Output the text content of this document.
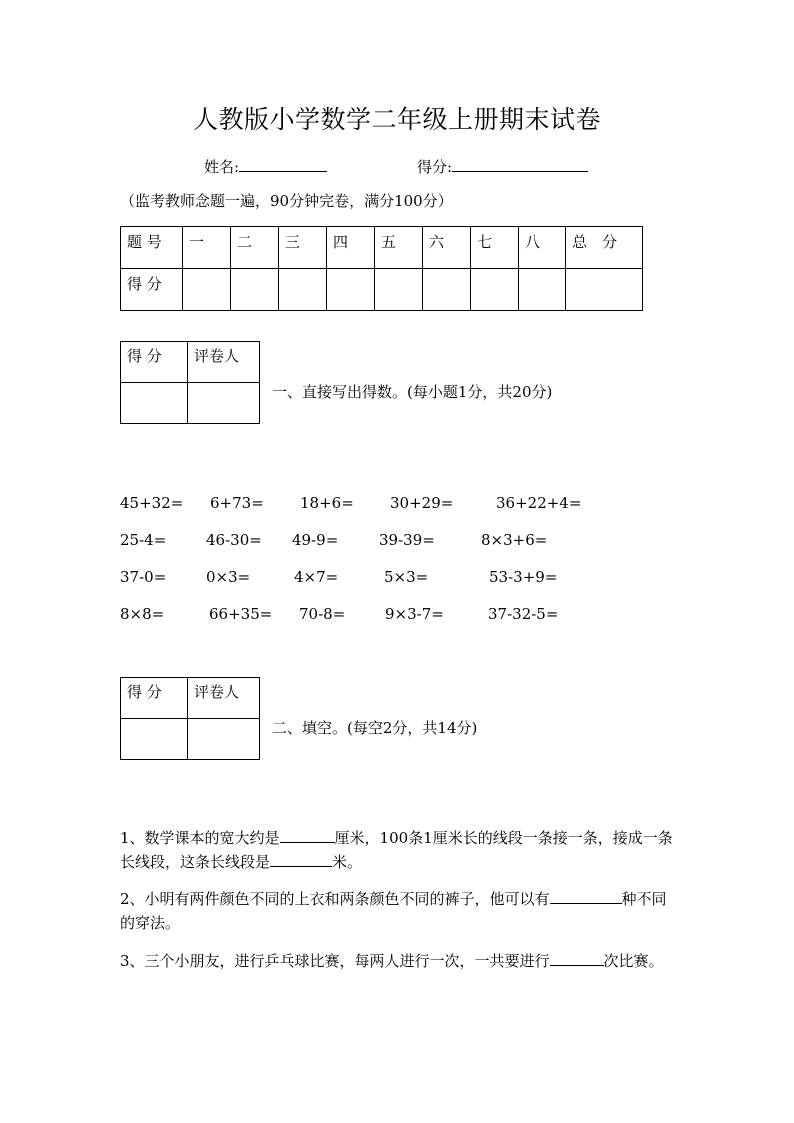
人教版小学数学二年级上册期末试卷
姓名:	得分:
（监考教师念题一遍，90分钟完卷，满分100分）
题 号	一	二	三	四	五	六	七	八	总　分
得 分									
得 分	评卷人

一、直接写出得数。(每小题1分，共20分)
45+32= 6+73= 18+6= 30+29=	36+22+4=
25-4=	46-30= 49-9=	39-39=	8×3+6=
37-0=	0×3=	4×7=	5×3=	53-3+9=
8×8=	66+35= 70-8=	9×3-7=	37-32-5=
得 分	评卷人

二、填空。(每空2分，共14分)
1、数学课本的宽大约是	厘米，100条1厘米长的线段一条接一条，接成一条长线段，这条长线段是	米。
2、小明有两件颜色不同的上衣和两条颜色不同的裤子，他可以有	种不同的穿法。
3、三个小朋友，进行乒乓球比赛，每两人进行一次，一共要进行	次比赛。
